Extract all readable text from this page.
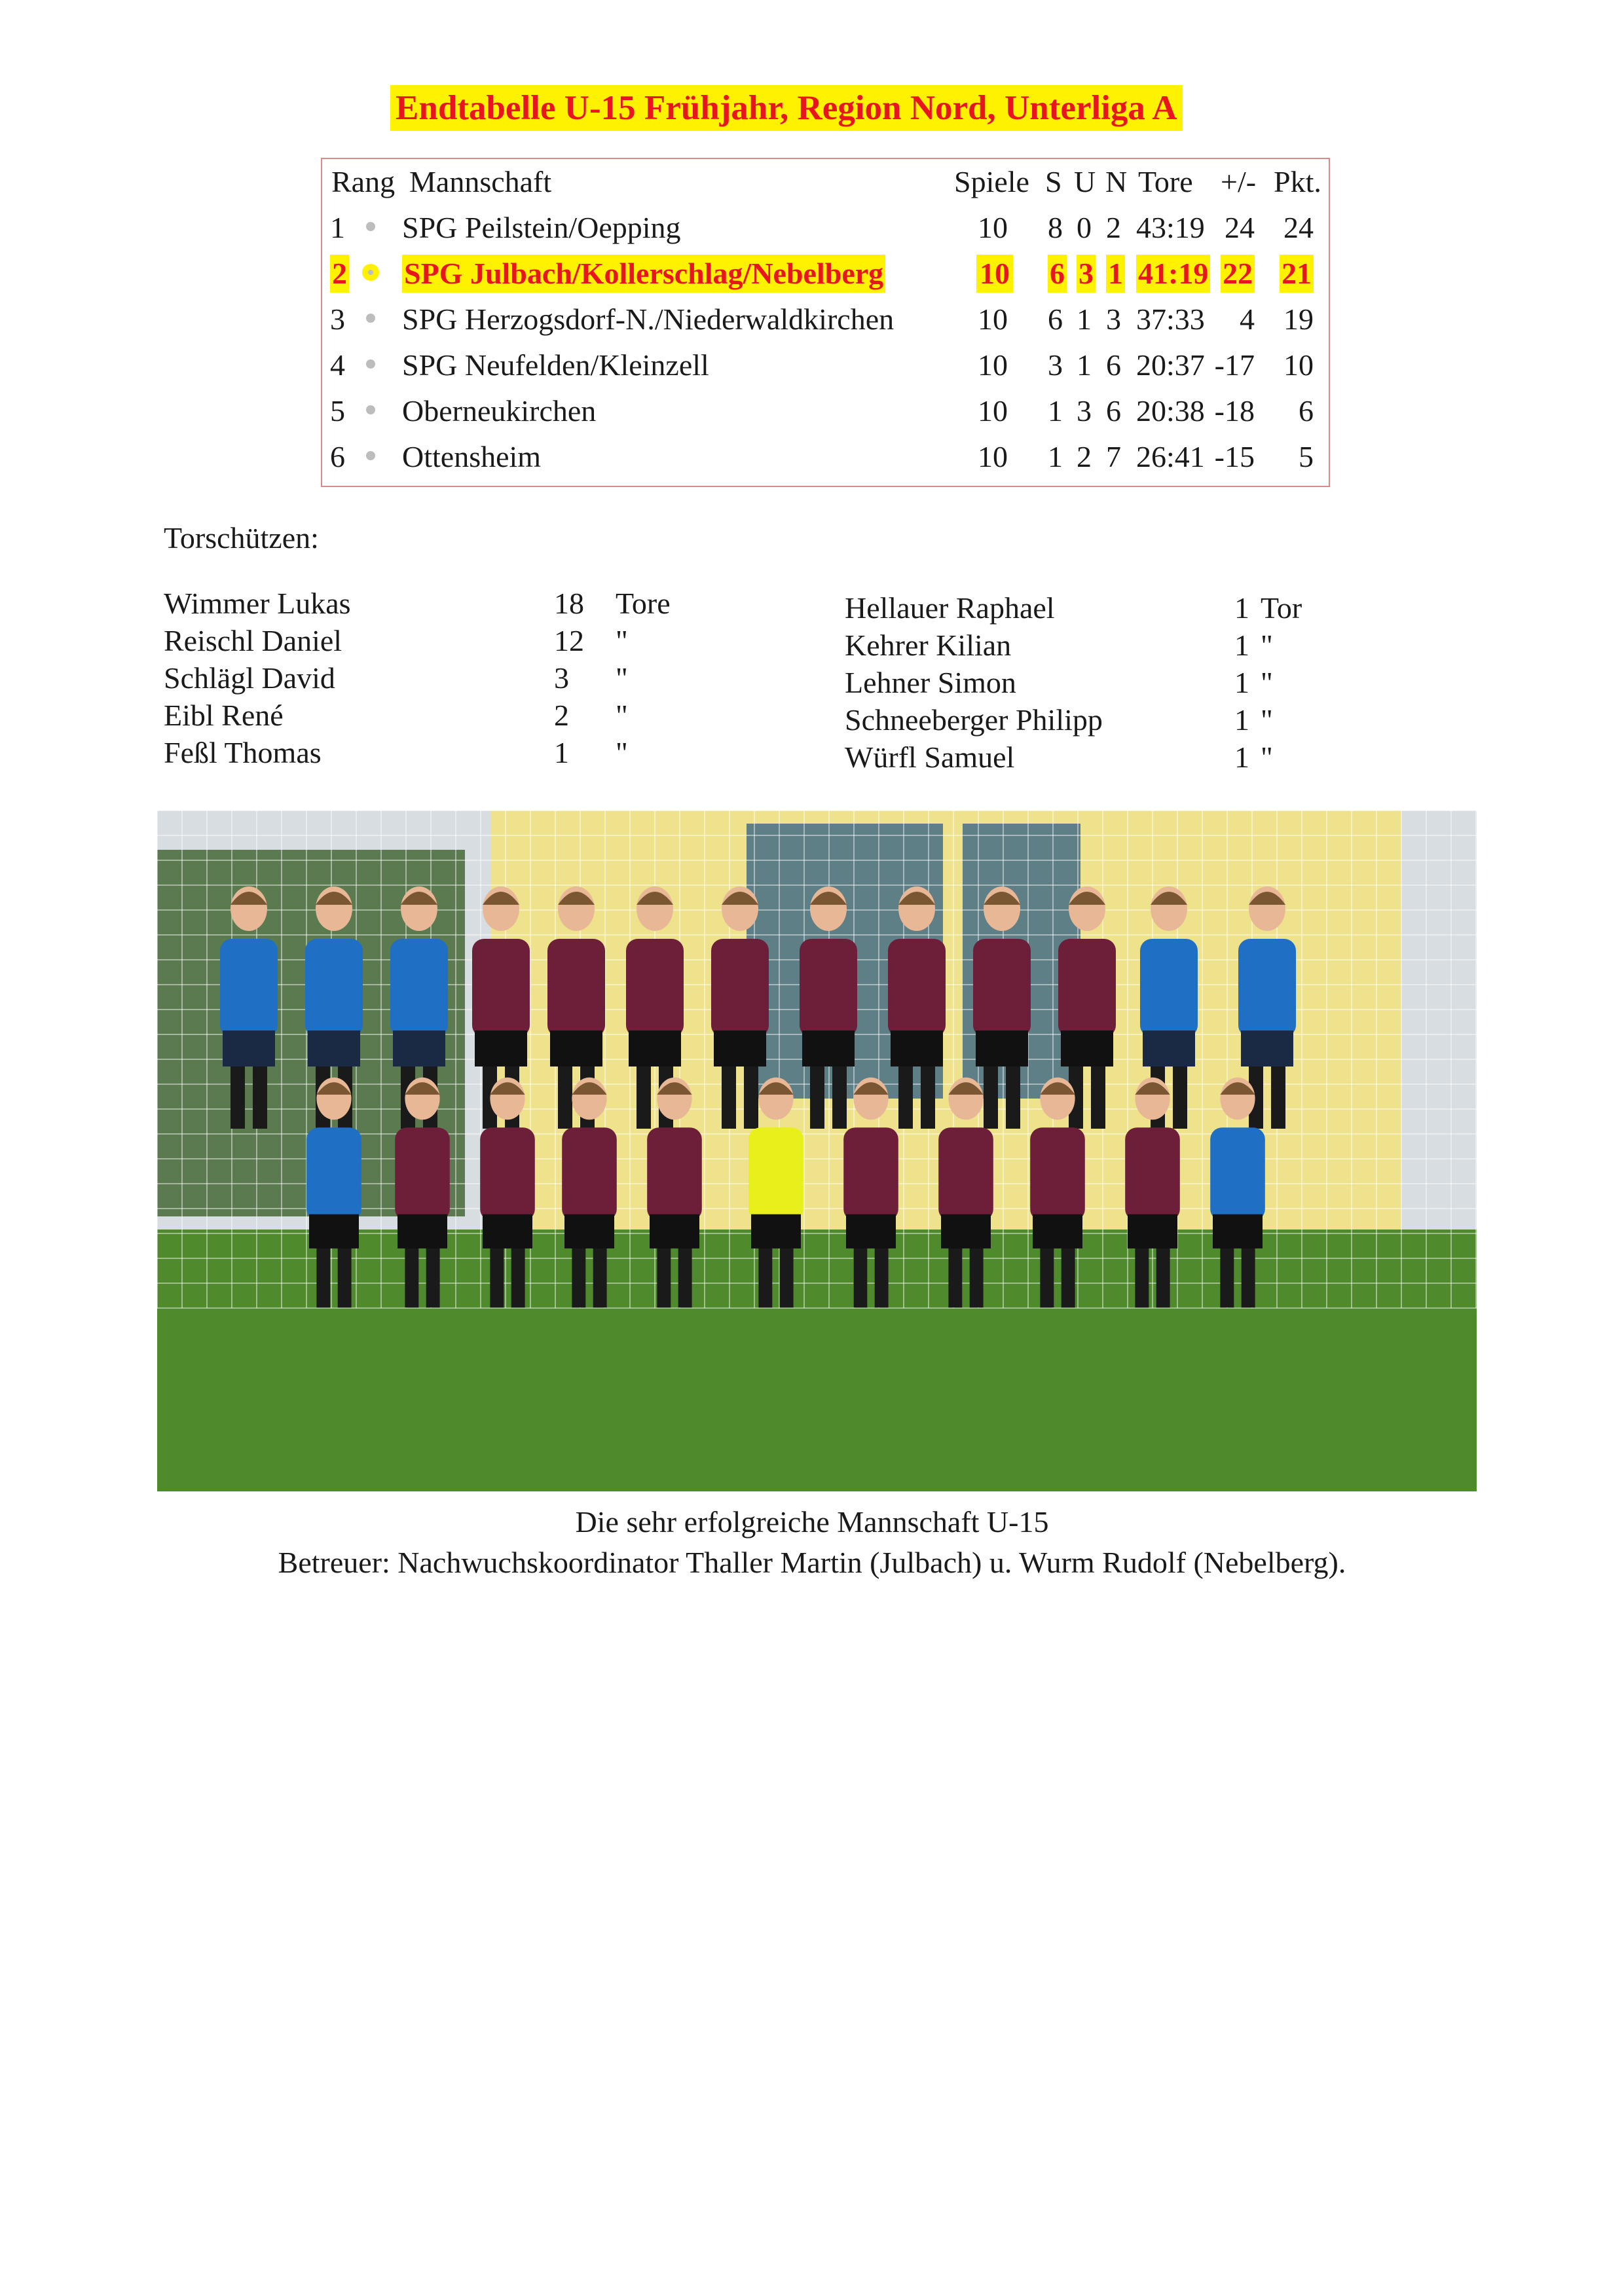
Endtabelle U-15 Frühjahr, Region Nord, Unterliga A
Rang Mannschaft	Spiele S U N Tore +/- Pkt.
1 SPG Peilstein/Oepping	10 8 0 2 43:19 24 24
2 SPG Julbach/Kollerschlag/Nebelberg	10 6 3 1 41:19 22 21
3 SPG Herzogsdorf-N./Niederwaldkirchen	10 6 1 3 37:33 4 19
4 SPG Neufelden/Kleinzell	10 3 1 6 20:37 -17 10
5 Oberneukirchen	10 1 3 6 20:38 -18 6
6 Ottensheim	10 1 2 7 26:41 -15 5
Torschützen:
Wimmer Lukas	18 Tore
Reischl Daniel	12 "
Schlägl David	3 "
Eibl René	2 "
Feßl Thomas	1 "
Hellauer Raphael	1 Tor
Kehrer Kilian	1 "
Lehner Simon	1 "
Schneeberger Philipp	1 "
Würfl Samuel	1 "
Die sehr erfolgreiche Mannschaft U-15
Betreuer: Nachwuchskoordinator Thaller Martin (Julbach) u. Wurm Rudolf (Nebelberg).
